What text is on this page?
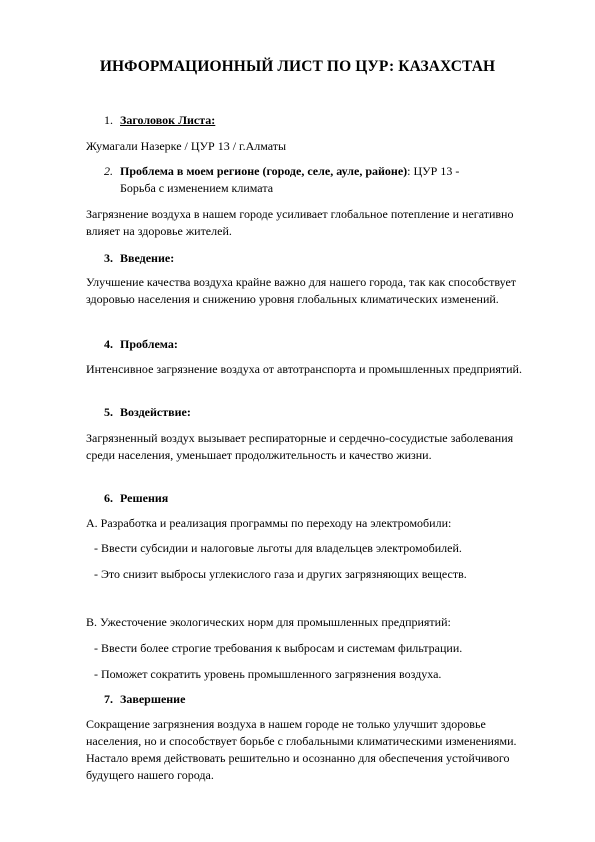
ИНФОРМАЦИОННЫЙ ЛИСТ ПО ЦУР: КАЗАХСТАН

1. Заголовок Листа:

Жумагали Назерке / ЦУР 13 / г.Алматы

2. Проблема в моем регионе (городе, селе, ауле, районе): ЦУР 13 -
Борьба с изменением климата

Загрязнение воздуха в нашем городе усиливает глобальное потепление и негативно влияет на здоровье жителей.

3. Введение:

Улучшение качества воздуха крайне важно для нашего города, так как способствует здоровью населения и снижению уровня глобальных климатических изменений.

4. Проблема:

Интенсивное загрязнение воздуха от автотранспорта и промышленных предприятий.

5. Воздействие:

Загрязненный воздух вызывает респираторные и сердечно-сосудистые заболевания среди населения, уменьшает продолжительность и качество жизни.

6. Решения

А. Разработка и реализация программы по переходу на электромобили:

- Ввести субсидии и налоговые льготы для владельцев электромобилей.

- Это снизит выбросы углекислого газа и других загрязняющих веществ.

В. Ужесточение экологических норм для промышленных предприятий:

- Ввести более строгие требования к выбросам и системам фильтрации.

- Поможет сократить уровень промышленного загрязнения воздуха.

7. Завершение

Сокращение загрязнения воздуха в нашем городе не только улучшит здоровье населения, но и способствует борьбе с глобальными климатическими изменениями. Настало время действовать решительно и осознанно для обеспечения устойчивого будущего нашего города.
